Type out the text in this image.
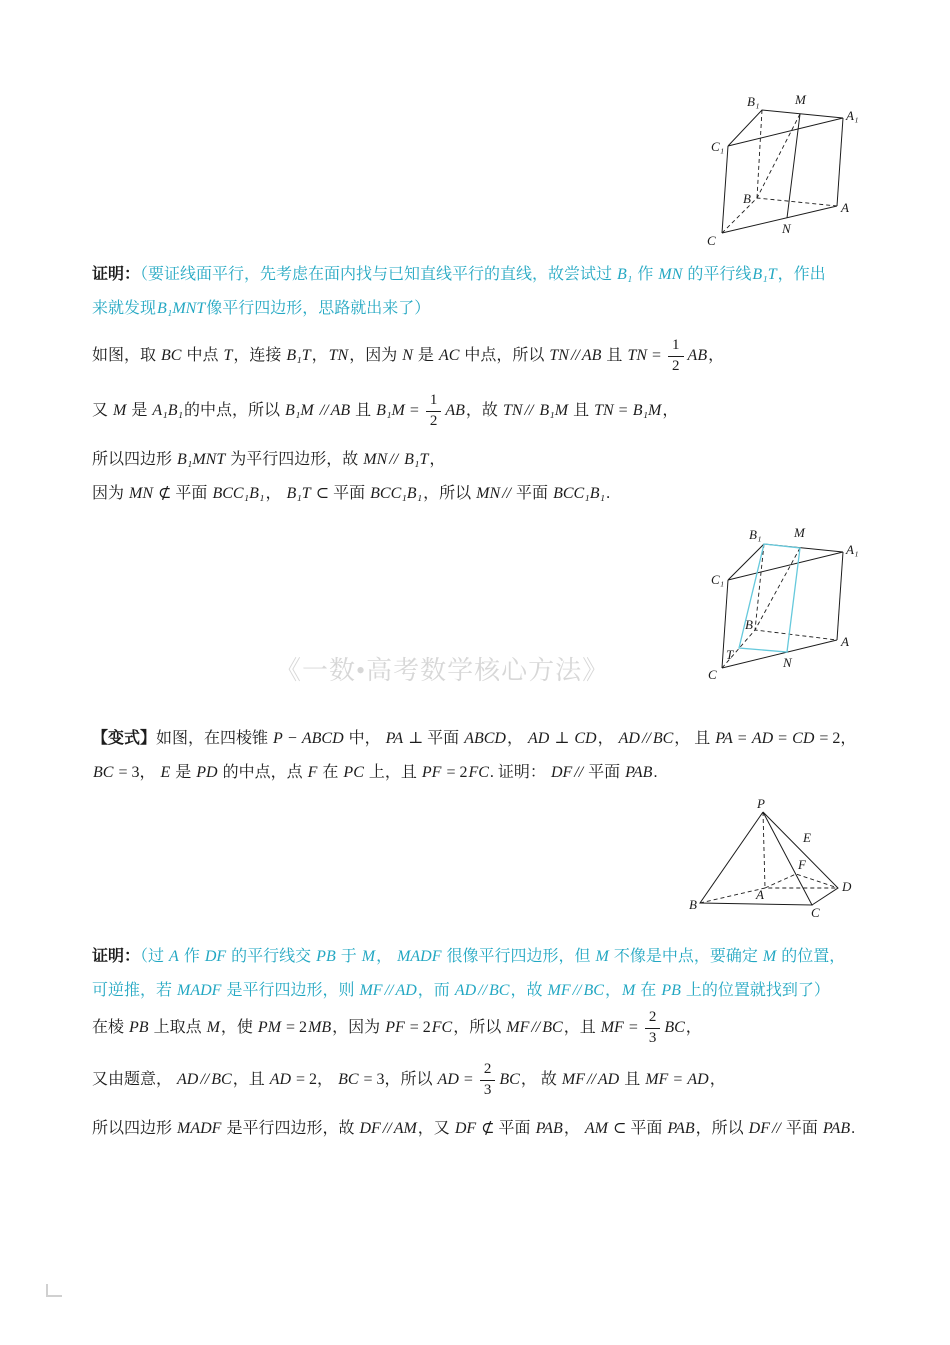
B₁	M
A₁
C₁
B
A
N
C
证明：（要证线面平行，先考虑在面内找与已知直线平行的直线，故尝试过 B₁ 作 MN 的平行线B₁T，作出
来就发现B₁MNT像平行四边形，思路就出来了）
如图，取 BC 中点 T，连接 B₁T，TN，因为 N 是 AC 中点，所以 TN // AB 且 TN = $\frac{1}{2}$ AB，
又 M 是 A₁B₁的中点，所以 B₁M // AB 且 $B_1M = \frac{1}{2}$ AB，故 TN // B₁M 且 TN = B₁M，
所以四边形 B₁MNT 为平行四边形，故 MN // B₁T，
因为 MN ⊄ 平面 BCC₁B₁， B₁T ⊂ 平面 BCC₁B₁，所以 MN // 平面 BCC₁B₁.
B₁	M
A₁
C₁
B
T
A
N
C
《一数•高考数学核心方法》
【变式】如图，在四棱锥 P − ABCD 中， PA ⊥ 平面 ABCD， AD ⊥ CD， AD // BC， 且 PA = AD = CD = 2，
BC = 3， E 是 PD 的中点，点 F 在 PC 上，且 PF = 2FC. 证明： DF // 平面 PAB.
P
E
F
D
A
B
C
证明：（过 A 作 DF 的平行线交 PB 于 M， MADF 很像平行四边形，但 M 不像是中点，要确定 M 的位置，
可逆推，若 MADF 是平行四边形，则 MF // AD，而 AD // BC，故 MF // BC，M 在 PB 上的位置就找到了）
在棱 PB 上取点 M，使 PM = 2MB，因为 PF = 2FC，所以 MF // BC，且 MF = $\frac{2}{3}$ BC，
又由题意， AD // BC，且 AD = 2， BC = 3，所以 AD = $\frac{2}{3}$ BC， 故 MF // AD 且 MF = AD，
所以四边形 MADF 是平行四边形，故 DF // AM，又 DF ⊄ 平面 PAB， AM ⊂ 平面 PAB，所以 DF // 平面 PAB.
